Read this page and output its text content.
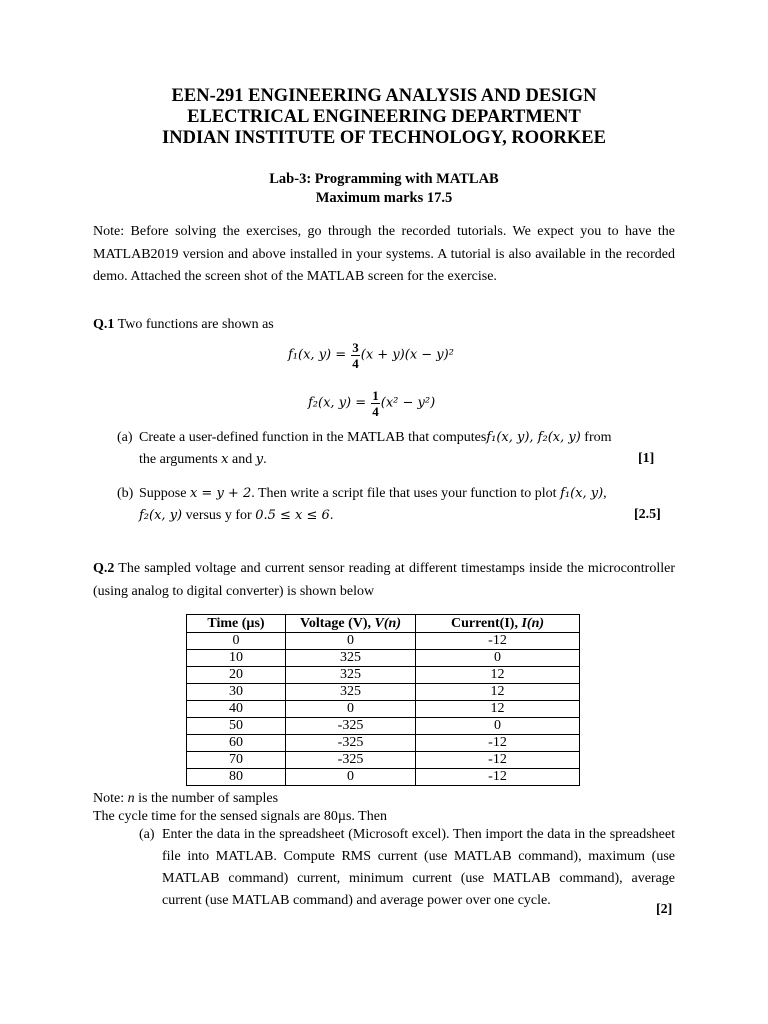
EEN-291 ENGINEERING ANALYSIS AND DESIGN
ELECTRICAL ENGINEERING DEPARTMENT
INDIAN INSTITUTE OF TECHNOLOGY, ROORKEE
Lab-3: Programming with MATLAB
Maximum marks 17.5
Note: Before solving the exercises, go through the recorded tutorials. We expect you to have the MATLAB2019 version and above installed in your systems. A tutorial is also available in the recorded demo. Attached the screen shot of the MATLAB screen for the exercise.
Q.1 Two functions are shown as
f₁(x, $y) = \frac{3}{4} (x + y)(x - y)^2$
f₂(x, $y) = \frac{1}{4} (x^2 - y^2)$
(a) Create a user-defined function in the MATLAB that computesf₁(x, y), f₂(x, y) from
the arguments x and y.	[1]
(b) Suppose x = y + 2. Then write a script file that uses your function to plot f₁(x, y),
f₂(x, y) versus y for 0.5 ≤ x ≤ 6.	[2.5]
Q.2 The sampled voltage and current sensor reading at different timestamps inside the microcontroller (using analog to digital converter) is shown below
Time (µs)	Voltage (V), V(n)	Current(I), I(n)
0	0	-12
10	325	0
20	325	12
30	325	12
40	0	12
50	-325	0
60	-325	-12
70	-325	-12
80	0	-12
Note: n is the number of samples
The cycle time for the sensed signals are 80µs. Then
(a) Enter the data in the spreadsheet (Microsoft excel). Then import the data in the spreadsheet file into MATLAB. Compute RMS current (use MATLAB command), maximum (use MATLAB command) current, minimum current (use MATLAB command), average current (use MATLAB command) and average power over one cycle.
[2]
